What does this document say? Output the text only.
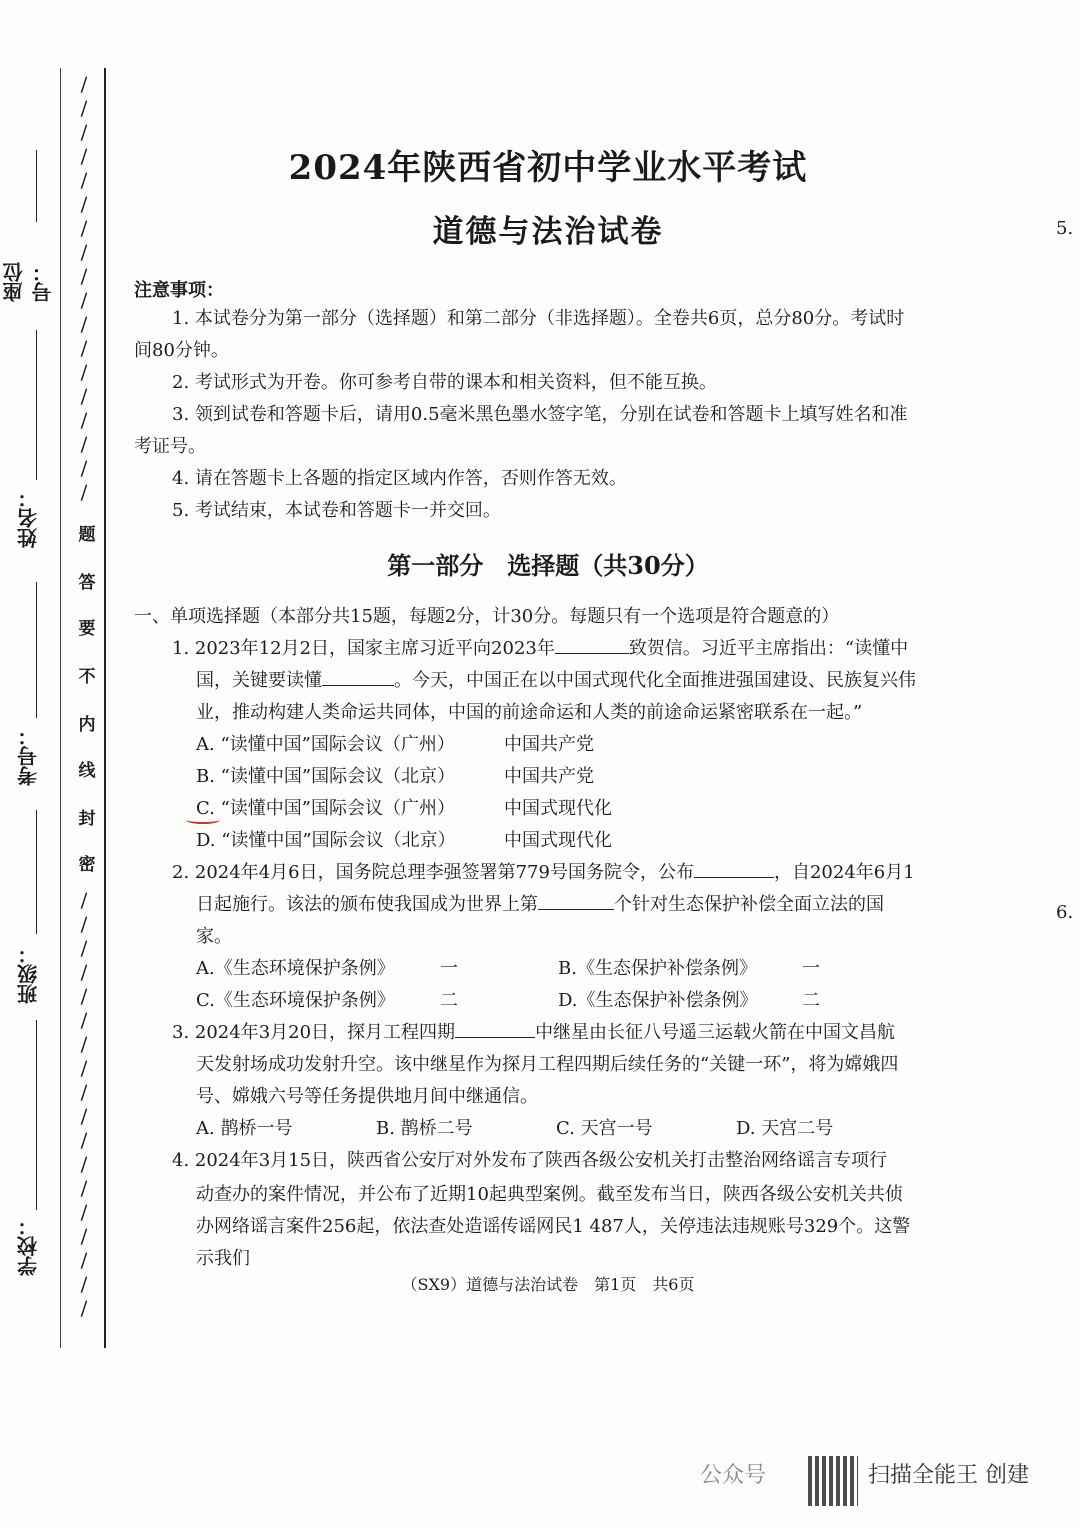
/
/
/
/
/
/
/
/
/
/
/
/
/
/
/
/
/
/
/
/
/
/
/
/
/
/
/
/
/
/
/
/
/
/
/
/
题
答
要
不
内
线
封
密
座位号：
姓名：
考号：
班级：
学校：
2024年陕西省初中学业水平考试
道德与法治试卷
注意事项：
1. 本试卷分为第一部分（选择题）和第二部分（非选择题）。全卷共6页，总分80分。考试时
间80分钟。
2. 考试形式为开卷。你可参考自带的课本和相关资料，但不能互换。
3. 领到试卷和答题卡后，请用0.5毫米黑色墨水签字笔，分别在试卷和答题卡上填写姓名和准
考证号。
4. 请在答题卡上各题的指定区域内作答，否则作答无效。
5. 考试结束，本试卷和答题卡一并交回。
第一部分　选择题（共30分）
一、单项选择题（本部分共15题，每题2分，计30分。每题只有一个选项是符合题意的）
1. 2023年12月2日，国家主席习近平向2023年	致贺信。习近平主席指出：“读懂中
国，关键要读懂	。今天，中国正在以中国式现代化全面推进强国建设、民族复兴伟
业，推动构建人类命运共同体，中国的前途命运和人类的前途命运紧密联系在一起。”
A. “读懂中国”国际会议（广州）	中国共产党
B. “读懂中国”国际会议（北京）	中国共产党
C. “读懂中国”国际会议（广州）	中国式现代化
D. “读懂中国”国际会议（北京）	中国式现代化
2. 2024年4月6日，国务院总理李强签署第779号国务院令，公布	，自2024年6月1
日起施行。该法的颁布使我国成为世界上第	个针对生态保护补偿全面立法的国
家。
A.《生态环境保护条例》	一	B.《生态保护补偿条例》	一
C.《生态环境保护条例》	二	D.《生态保护补偿条例》 二
3. 2024年3月20日，探月工程四期	中继星由长征八号遥三运载火箭在中国文昌航
天发射场成功发射升空。该中继星作为探月工程四期后续任务的“关键一环”，将为嫦娥四
号、嫦娥六号等任务提供地月间中继通信。
A. 鹊桥一号	B. 鹊桥二号	C. 天宫一号	D. 天宫二号
4. 2024年3月15日，陕西省公安厅对外发布了陕西各级公安机关打击整治网络谣言专项行
动查办的案件情况，并公布了近期10起典型案例。截至发布当日，陕西各级公安机关共侦
办网络谣言案件256起，依法查处造谣传谣网民1 487人，关停违法违规账号329个。这警
示我们
（SX9）道德与法治试卷　第1页　共6页
5.
6.
公众号	扫描全能王 创建
